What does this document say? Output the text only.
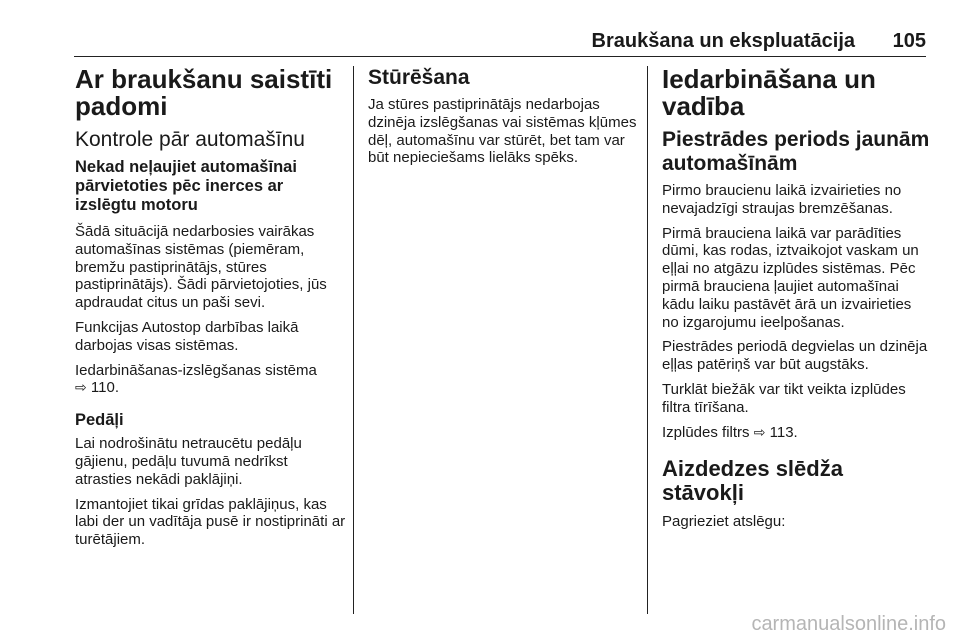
Braukšana un ekspluatācija 105
Ar braukšanu saistīti padomi
Kontrole pār automašīnu
Nekad neļaujiet automašīnai pārvietoties pēc inerces ar izslēgtu motoru

Šādā situācijā nedarbosies vairākas automašīnas sistēmas (piemēram, bremžu pastiprinātājs, stūres pastiprinātājs). Šādi pārvietojoties, jūs apdraudat citus un paši sevi.

Funkcijas Autostop darbības laikā darbojas visas sistēmas.

Iedarbināšanas-izslēgšanas sistēma
⇨ 110.

Pedāļi

Lai nodrošinātu netraucētu pedāļu gājienu, pedāļu tuvumā nedrīkst atrasties nekādi paklājiņi.

Izmantojiet tikai grīdas paklājiņus, kas labi der un vadītāja pusē ir nostiprināti ar turētājiem.

Stūrēšana

Ja stūres pastiprinātājs nedarbojas dzinēja izslēgšanas vai sistēmas kļūmes dēļ, automašīnu var stūrēt, bet tam var būt nepieciešams lielāks spēks.

Iedarbināšana un vadība
Piestrādes periods jaunām automašīnām

Pirmo braucienu laikā izvairieties no nevajadzīgi straujas bremzēšanas.

Pirmā brauciena laikā var parādīties dūmi, kas rodas, iztvaikojot vaskam un eļļai no atgāzu izplūdes sistēmas. Pēc pirmā brauciena ļaujiet automašīnai kādu laiku pastāvēt ārā un izvairieties no izgarojumu ieelpošanas.

Piestrādes periodā degvielas un dzinēja eļļas patēriņš var būt augstāks.

Turklāt biežāk var tikt veikta izplūdes filtra tīrīšana.

Izplūdes filtrs ⇨ 113.

Aizdedzes slēdža stāvokļi

Pagrieziet atslēgu:

carmanualsonline.info
